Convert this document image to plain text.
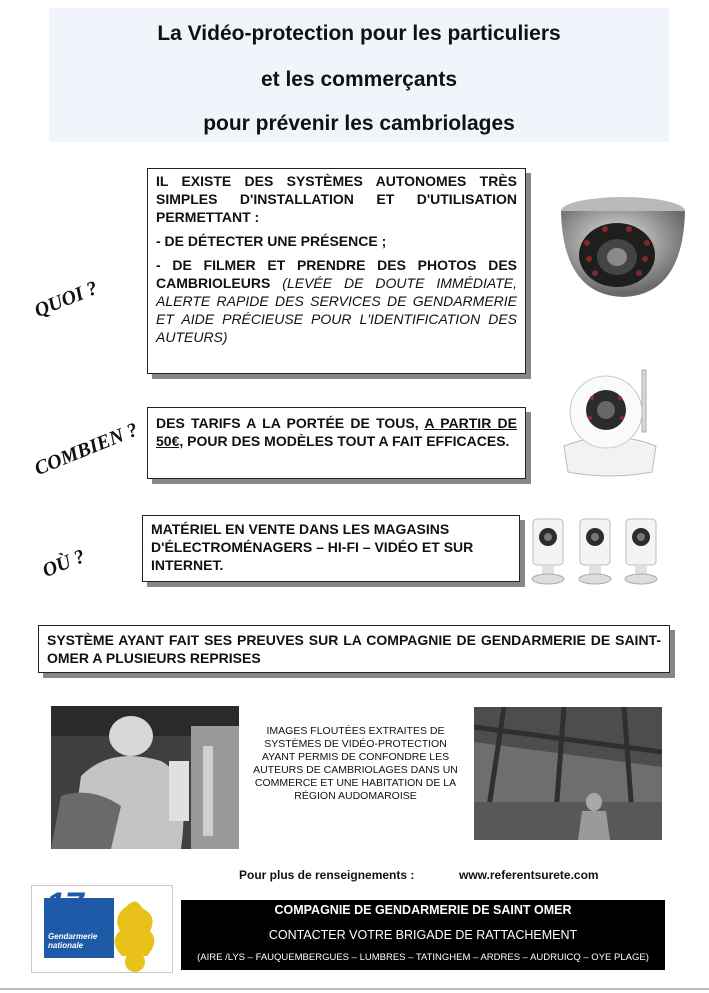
La Vidéo-protection pour les particuliers
et les commerçants
pour prévenir les cambriolages
QUOI ?

IL EXISTE DES SYSTÈMES AUTONOMES TRÈS SIMPLES D'INSTALLATION ET D'UTILISATION PERMETTANT :

- DE DÉTECTER UNE PRÉSENCE ;

- DE FILMER ET PRENDRE DES PHOTOS DES CAMBRIOLEURS (LEVÉE DE DOUTE IMMÉDIATE, ALERTE RAPIDE DES SERVICES DE GENDARMERIE ET AIDE PRÉCIEUSE POUR L'IDENTIFICATION DES AUTEURS)

COMBIEN ? DES TARIFS A LA PORTÉE DE TOUS, A PARTIR DE 50€, POUR DES MODÈLES TOUT A FAIT EFFICACES.

OÙ ?

MATÉRIEL EN VENTE DANS LES MAGASINS D'ÉLECTROMÉNAGERS – HI-FI – VIDÉO ET SUR INTERNET.

SYSTÈME AYANT FAIT SES PREUVES SUR LA COMPAGNIE DE GENDARMERIE DE SAINT- OMER A PLUSIEURS REPRISES

IMAGES FLOUTÉES EXTRAITES DE SYSTÈMES DE VIDÉO-PROTECTION AYANT PERMIS DE CONFONDRE LES AUTEURS DE CAMBRIOLAGES DANS UN COMMERCE ET UNE HABITATION DE LA RÉGION AUDOMAROISE
Pour plus de renseignements :	www.referentsurete.com
17
Gendarmerie
nationale
COMPAGNIE DE GENDARMERIE DE SAINT OMER
CONTACTER VOTRE BRIGADE DE RATTACHEMENT
(AIRE /LYS – FAUQUEMBERGUES – LUMBRES – TATINGHEM – ARDRES – AUDRUICQ – OYE PLAGE)
